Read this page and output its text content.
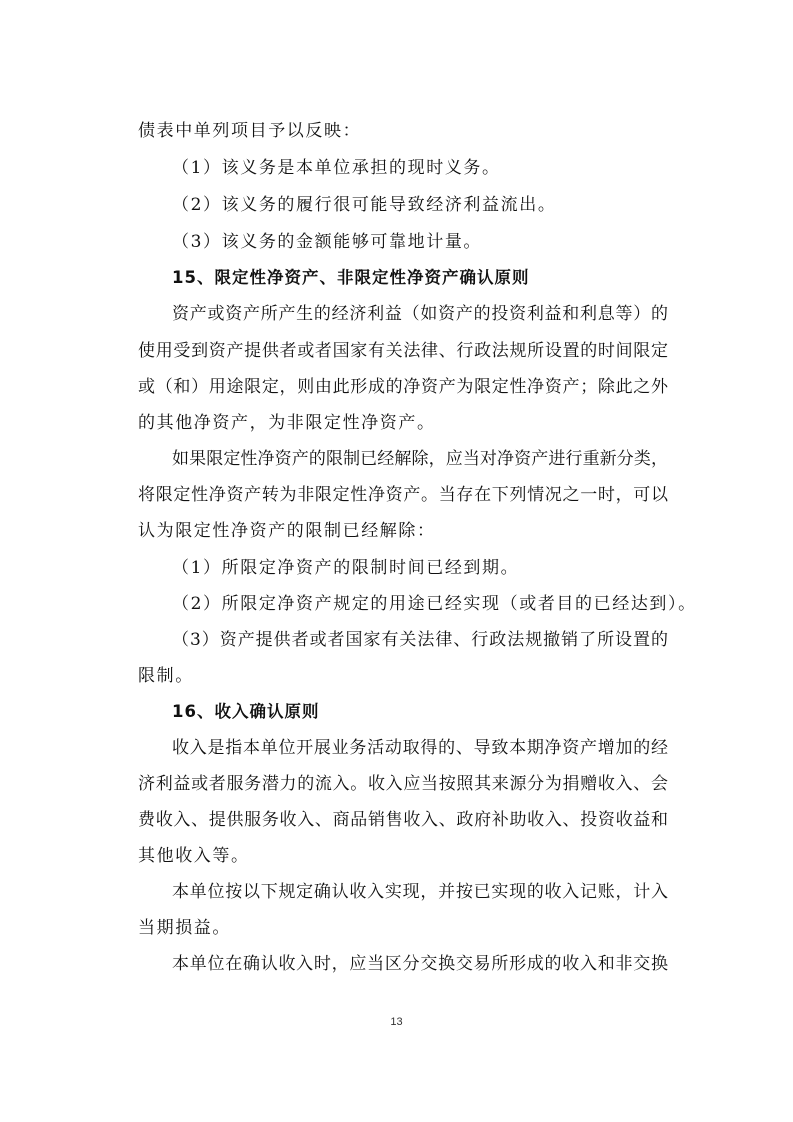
债表中单列项目予以反映：
（1）该义务是本单位承担的现时义务。
（2）该义务的履行很可能导致经济利益流出。
（3）该义务的金额能够可靠地计量。
15、限定性净资产、非限定性净资产确认原则
资产或资产所产生的经济利益（如资产的投资利益和利息等）的
使用受到资产提供者或者国家有关法律、行政法规所设置的时间限定
或（和）用途限定，则由此形成的净资产为限定性净资产；除此之外
的其他净资产，为非限定性净资产。
如果限定性净资产的限制已经解除，应当对净资产进行重新分类，
将限定性净资产转为非限定性净资产。当存在下列情况之一时，可以
认为限定性净资产的限制已经解除：
（1）所限定净资产的限制时间已经到期。
（2）所限定净资产规定的用途已经实现（或者目的已经达到）。
（3）资产提供者或者国家有关法律、行政法规撤销了所设置的
限制。
16、收入确认原则
收入是指本单位开展业务活动取得的、导致本期净资产增加的经
济利益或者服务潜力的流入。收入应当按照其来源分为捐赠收入、会
费收入、提供服务收入、商品销售收入、政府补助收入、投资收益和
其他收入等。
本单位按以下规定确认收入实现，并按已实现的收入记账，计入
当期损益。
本单位在确认收入时，应当区分交换交易所形成的收入和非交换
13
